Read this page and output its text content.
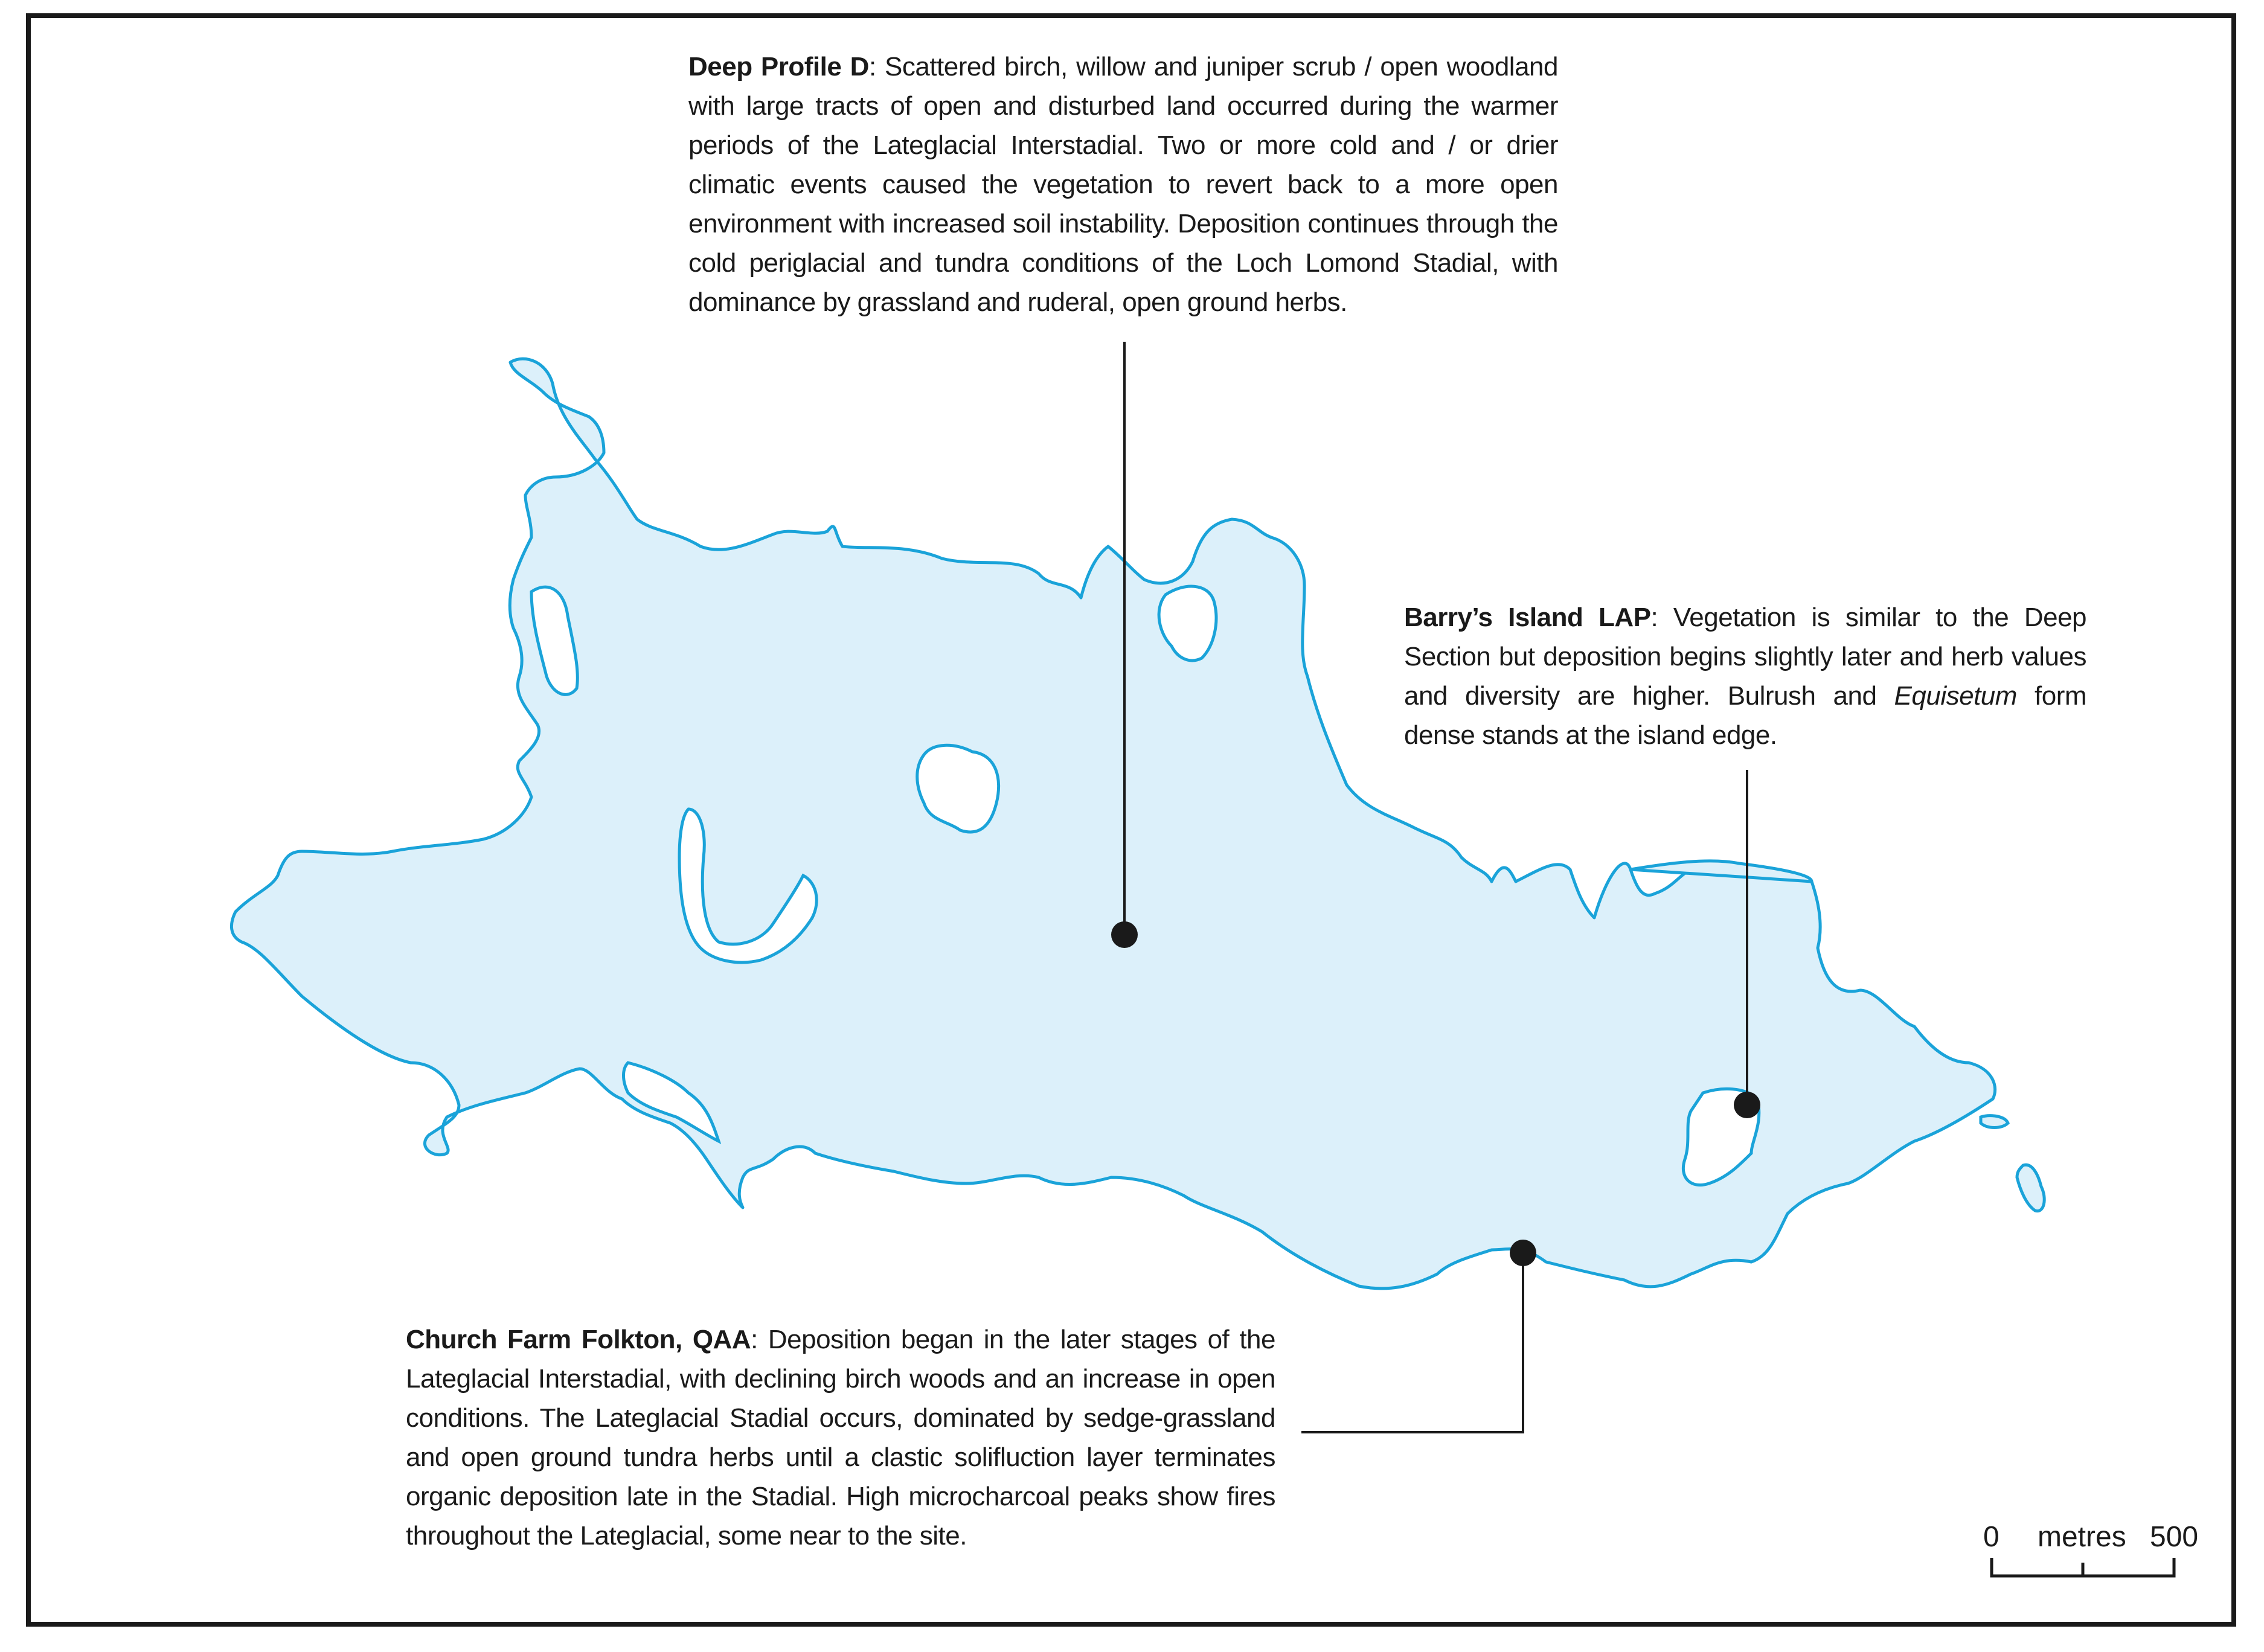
Deep Profile D: Scattered birch, willow and juniper scrub / open woodland with large tracts of open and disturbed land occurred during the warmer periods of the Lateglacial Interstadial. Two or more cold and / or drier climatic events caused the vegetation to revert back to a more open environment with increased soil instability. Deposition continues through the cold periglacial and tundra conditions of the Loch Lomond Stadial, with dominance by grassland and ruderal, open ground herbs.
Barry’s Island LAP: Vegetation is similar to the Deep Section but deposition begins slightly later and herb values and diversity are higher. Bulrush and Equisetum form dense stands at the island edge.
Church Farm Folkton, QAA: Deposition began in the later stages of the Lateglacial Interstadial, with declining birch woods and an increase in open conditions. The Lateglacial Stadial occurs, dominated by sedge-grassland and open ground tundra herbs until a clastic solifluction layer terminates organic deposition late in the Stadial. High microcharcoal peaks show fires throughout the Lateglacial, some near to the site.	0 metres 500
